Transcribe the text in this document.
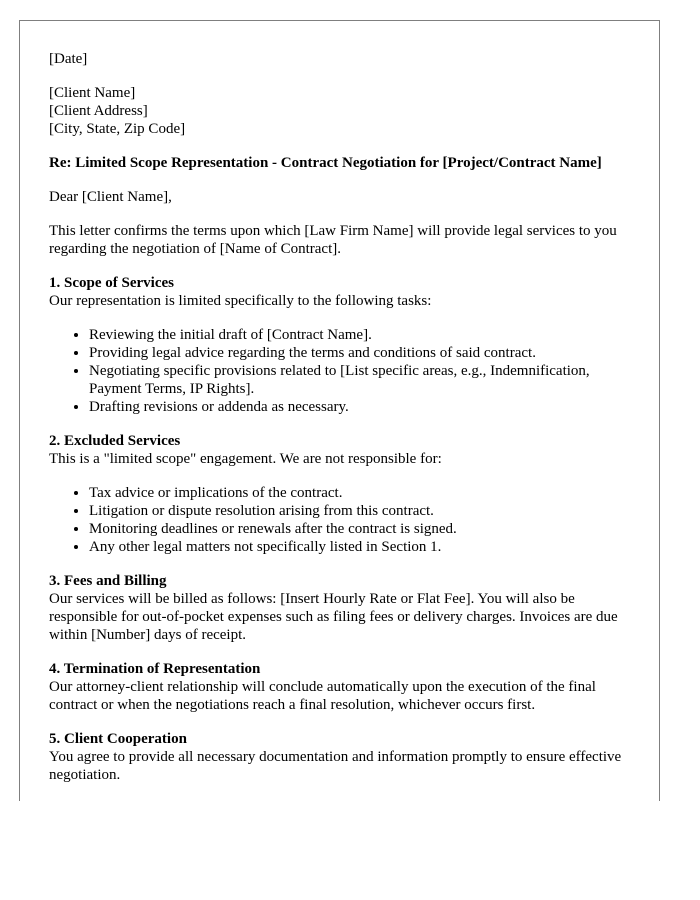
[Date]

[Client Name]
[Client Address]
[City, State, Zip Code]

Re: Limited Scope Representation - Contract Negotiation for [Project/Contract Name]

Dear [Client Name],

This letter confirms the terms upon which [Law Firm Name] will provide legal services to you regarding the negotiation of [Name of Contract].

1. Scope of Services
Our representation is limited specifically to the following tasks:
• Reviewing the initial draft of [Contract Name].
• Providing legal advice regarding the terms and conditions of said contract.
• Negotiating specific provisions related to [List specific areas, e.g., Indemnification, Payment Terms, IP Rights].
• Drafting revisions or addenda as necessary.
2. Excluded Services
This is a "limited scope" engagement. We are not responsible for:
• Tax advice or implications of the contract.
• Litigation or dispute resolution arising from this contract.
• Monitoring deadlines or renewals after the contract is signed.
• Any other legal matters not specifically listed in Section 1.
3. Fees and Billing
Our services will be billed as follows: [Insert Hourly Rate or Flat Fee]. You will also be responsible for out-of-pocket expenses such as filing fees or delivery charges. Invoices are due within [Number] days of receipt.
4. Termination of Representation
Our attorney-client relationship will conclude automatically upon the execution of the final contract or when the negotiations reach a final resolution, whichever occurs first.
5. Client Cooperation
You agree to provide all necessary documentation and information promptly to ensure effective negotiation.
